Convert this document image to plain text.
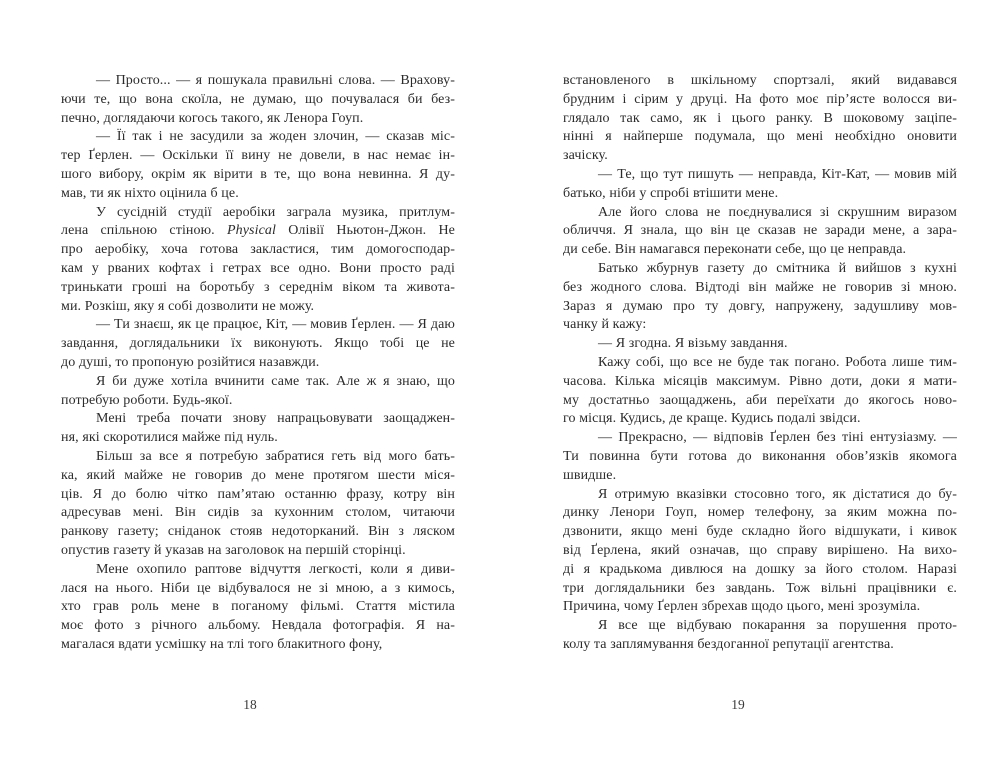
— Просто... — я пошукала правильні слова. — Врахову-
ючи те, що вона скоїла, не думаю, що почувалася би без-
печно, доглядаючи когось такого, як Ленора Гоуп.
— Її так і не засудили за жоден злочин, — сказав міс-
тер Ґерлен. — Оскільки її вину не довели, в нас немає ін-
шого вибору, окрім як вірити в те, що вона невинна. Я ду-
мав, ти як ніхто оцінила б це.
У сусідній студії аеробіки заграла музика, притлум-
лена спільною стіною. Physical Олівії Ньютон-Джон. Не
про аеробіку, хоча готова закластися, тим домогосподар-
кам у рваних кофтах і гетрах все одно. Вони просто раді
тринькати гроші на боротьбу з середнім віком та живота-
ми. Розкіш, яку я собі дозволити не можу.
— Ти знаєш, як це працює, Кіт, — мовив Ґерлен. — Я даю
завдання, доглядальники їх виконують. Якщо тобі це не
до душі, то пропоную розійтися назавжди.
Я би дуже хотіла вчинити саме так. Але ж я знаю, що
потребую роботи. Будь-якої.
Мені треба почати знову напрацьовувати заощаджен-
ня, які скоротилися майже під нуль.
Більш за все я потребую забратися геть від мого бать-
ка, який майже не говорив до мене протягом шести міся-
ців. Я до болю чітко пам’ятаю останню фразу, котру він
адресував мені. Він сидів за кухонним столом, читаючи
ранкову газету; сніданок стояв недоторканий. Він з ляском
опустив газету й указав на заголовок на першій сторінці.
Мене охопило раптове відчуття легкості, коли я диви-
лася на нього. Ніби це відбувалося не зі мною, а з кимось,
хто грав роль мене в поганому фільмі. Стаття містила
моє фото з річного альбому. Невдала фотографія. Я на-
магалася вдати усмішку на тлі того блакитного фону,
встановленого в шкільному спортзалі, який видавався
брудним і сірим у друці. На фото моє пір’ясте волосся ви-
глядало так само, як і цього ранку. В шоковому заціпе-
нінні я найперше подумала, що мені необхідно оновити
зачіску.
— Те, що тут пишуть — неправда, Кіт-Кат, — мовив мій
батько, ніби у спробі втішити мене.
Але його слова не поєднувалися зі скрушним виразом
обличчя. Я знала, що він це сказав не заради мене, а зара-
ди себе. Він намагався переконати себе, що це неправда.
Батько жбурнув газету до смітника й вийшов з кухні
без жодного слова. Відтоді він майже не говорив зі мною.
Зараз я думаю про ту довгу, напружену, задушливу мов-
чанку й кажу:
— Я згодна. Я візьму завдання.
Кажу собі, що все не буде так погано. Робота лише тим-
часова. Кілька місяців максимум. Рівно доти, доки я мати-
му достатньо заощаджень, аби переїхати до якогось ново-
го місця. Кудись, де краще. Кудись подалі звідси.
— Прекрасно, — відповів Ґерлен без тіні ентузіазму. —
Ти повинна бути готова до виконання обов’язків якомога
швидше.
Я отримую вказівки стосовно того, як дістатися до бу-
динку Ленори Гоуп, номер телефону, за яким можна по-
дзвонити, якщо мені буде складно його відшукати, і кивок
від Ґерлена, який означав, що справу вирішено. На вихо-
ді я крадькома дивлюся на дошку за його столом. Наразі
три доглядальники без завдань. Тож вільні працівники є.
Причина, чому Ґерлен збрехав щодо цього, мені зрозуміла.
Я все ще відбуваю покарання за порушення прото-
колу та заплямування бездоганної репутації агентства.
18	19
